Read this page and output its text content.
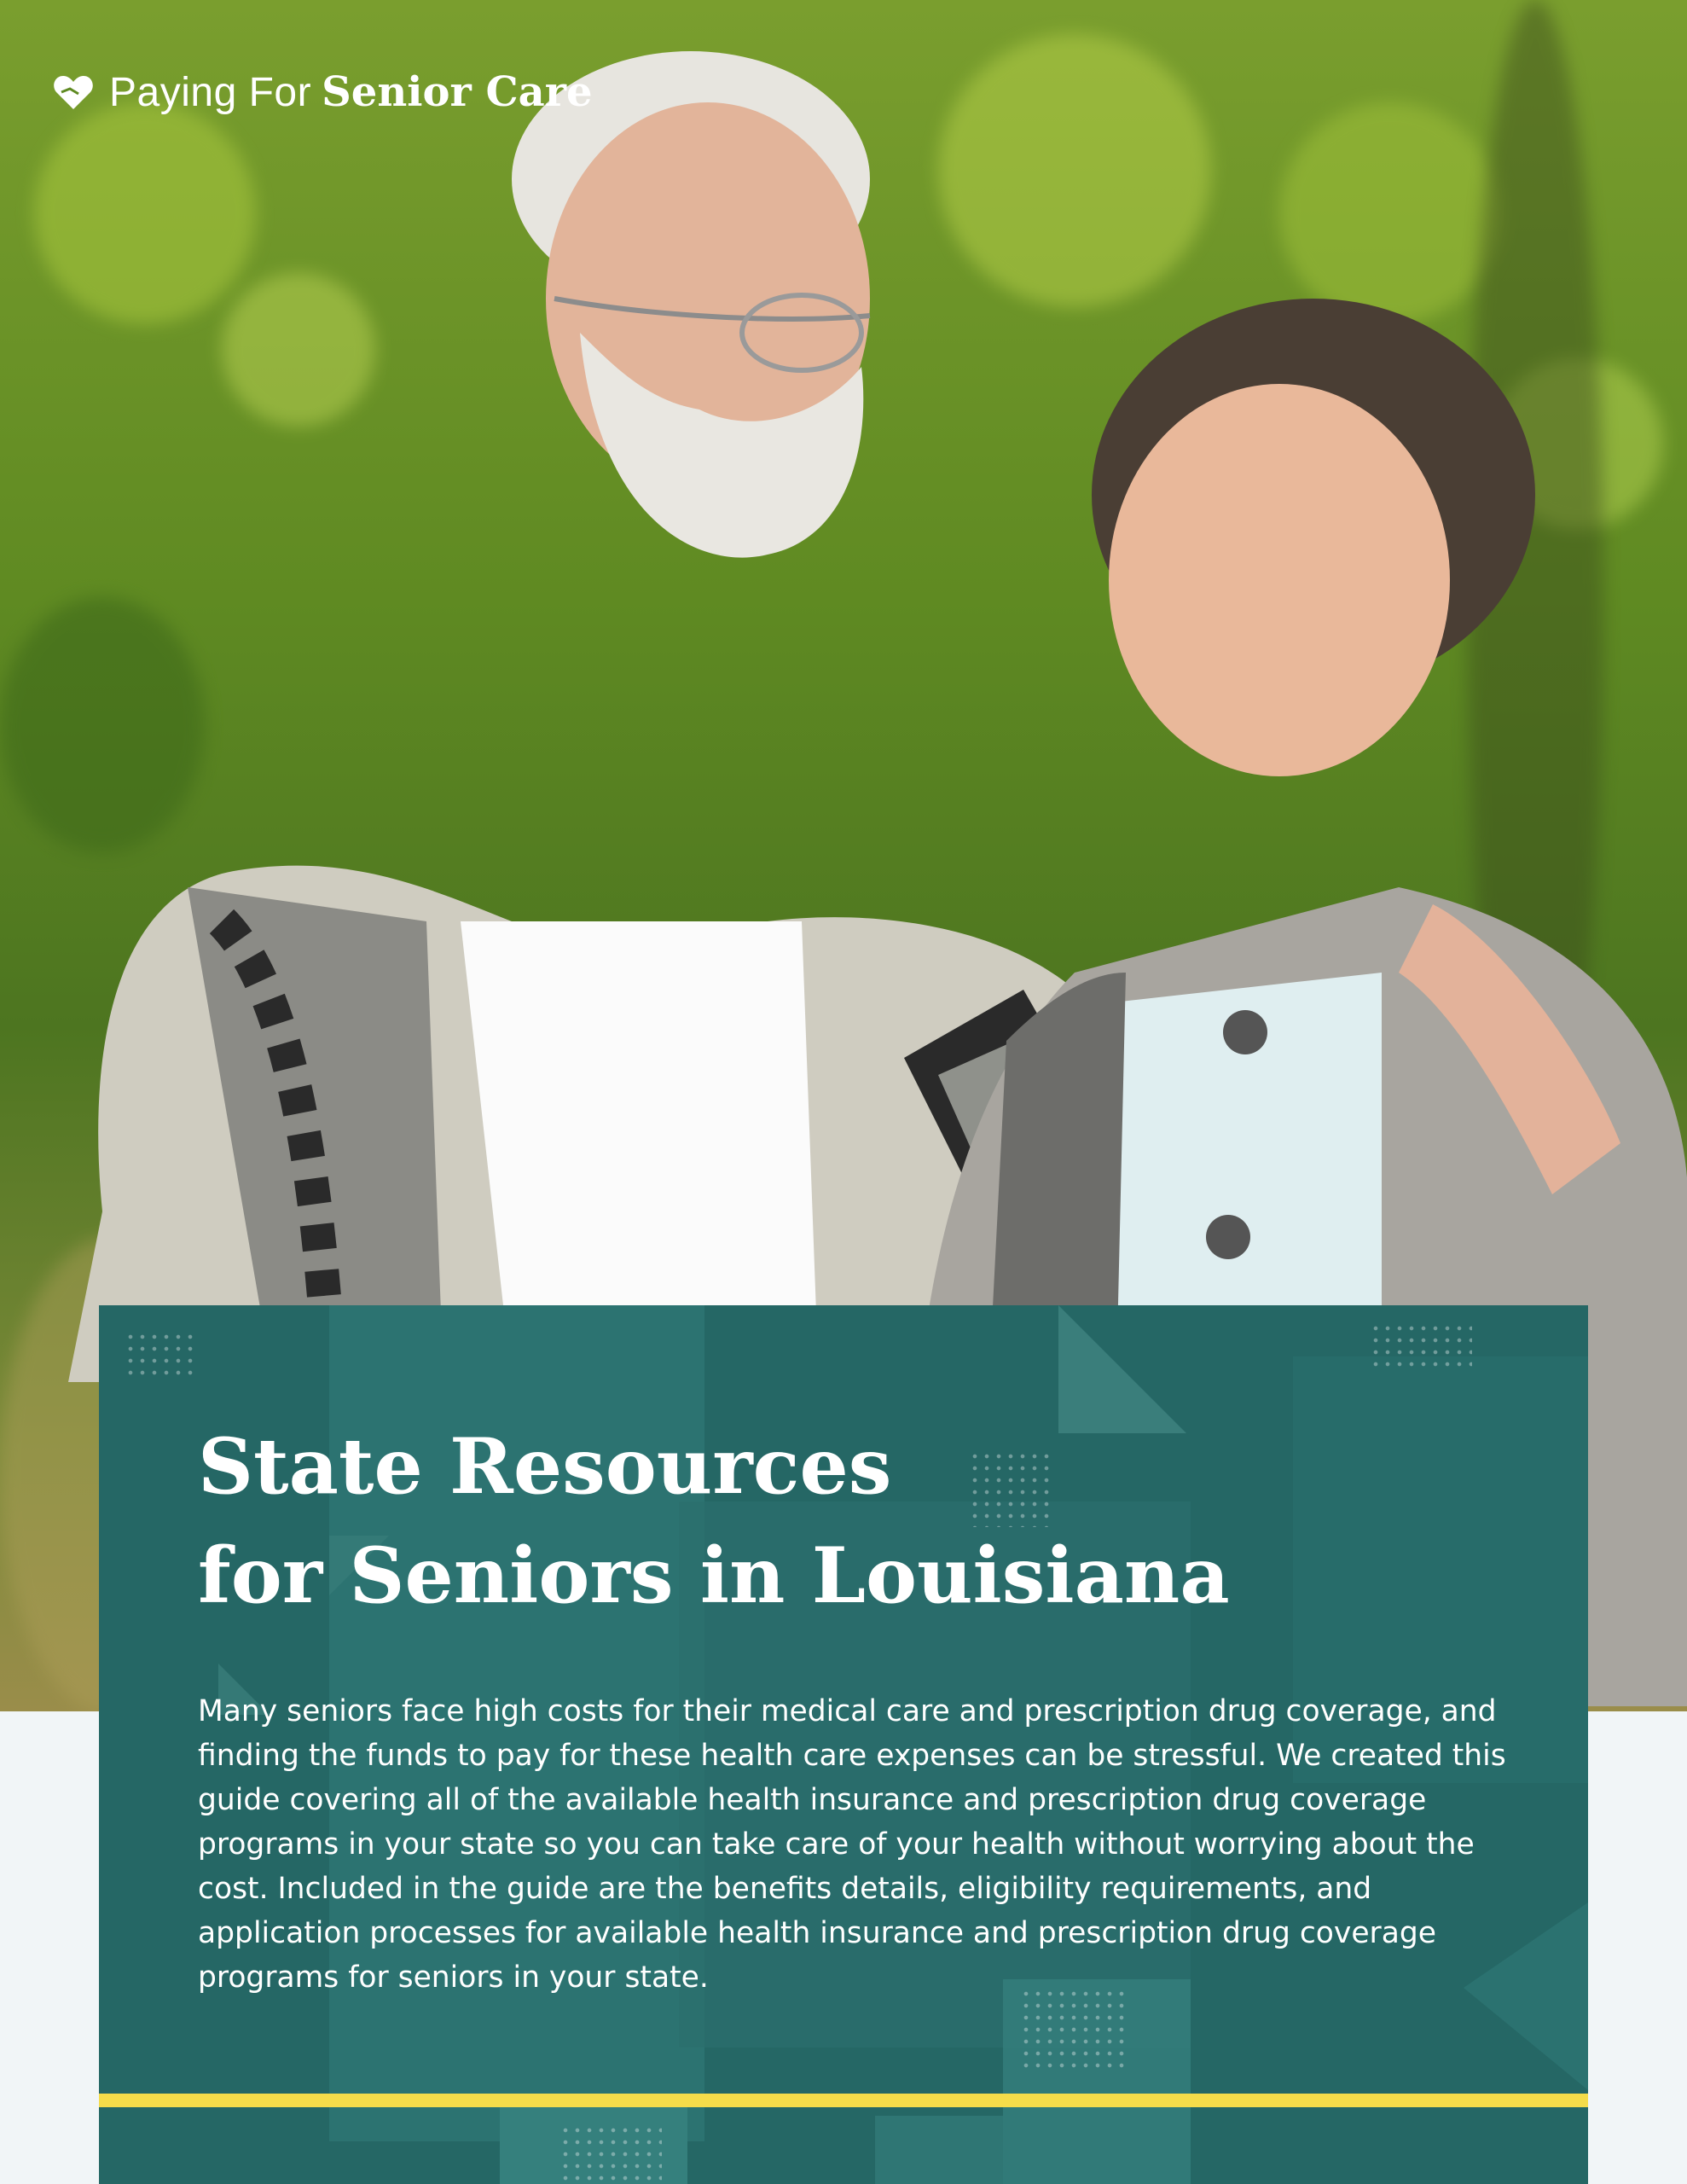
Paying For Senior Care
State Resources
for Seniors in Louisiana

Many seniors face high costs for their medical care and prescription drug coverage, and finding the funds to pay for these health care expenses can be stressful. We created this guide covering all of the available health insurance and prescription drug coverage programs in your state so you can take care of your health without worrying about the cost. Included in the guide are the benefits details, eligibility requirements, and application processes for available health insurance and prescription drug coverage programs for seniors in your state.
